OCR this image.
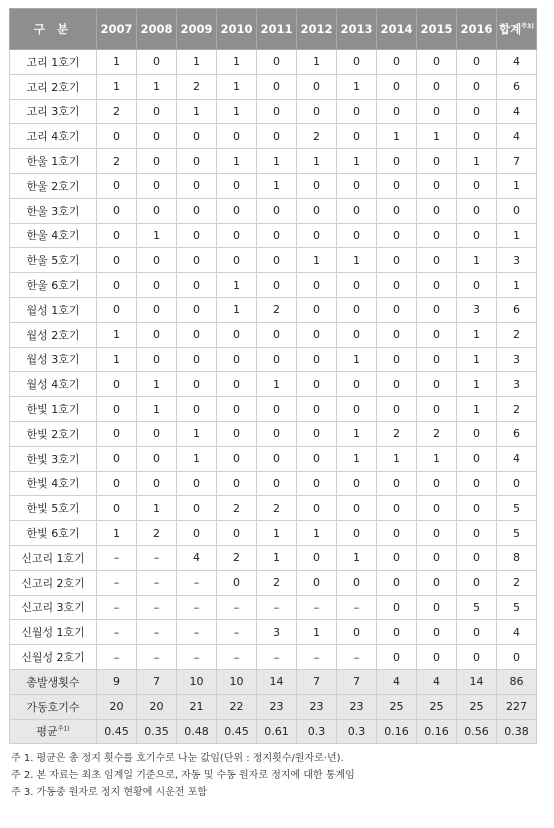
구 분	2007	2008	2009	2010	2011	2012	2013	2014	2015	2016	합계$^{주3)}$
고리 1호기	1	0	1	1	0	1	0	0	0	0	4
고리 2호기	1	1	2	1	0	0	1	0	0	0	6
고리 3호기	2	0	1	1	0	0	0	0	0	0	4
고리 4호기	0	0	0	0	0	2	0	1	1	0	4
한울 1호기	2	0	0	1	1	1	1	0	0	1	7
한울 2호기	0	0	0	0	1	0	0	0	0	0	1
한울 3호기	0	0	0	0	0	0	0	0	0	0	0
한울 4호기	0	1	0	0	0	0	0	0	0	0	1
한울 5호기	0	0	0	0	0	1	1	0	0	1	3
한울 6호기	0	0	0	1	0	0	0	0	0	0	1
월성 1호기	0	0	0	1	2	0	0	0	0	3	6
월성 2호기	1	0	0	0	0	0	0	0	0	1	2
월성 3호기	1	0	0	0	0	0	1	0	0	1	3
월성 4호기	0	1	0	0	1	0	0	0	0	1	3
한빛 1호기	0	1	0	0	0	0	0	0	0	1	2
한빛 2호기	0	0	1	0	0	0	1	2	2	0	6
한빛 3호기	0	0	1	0	0	0	1	1	1	0	4
한빛 4호기	0	0	0	0	0	0	0	0	0	0	0
한빛 5호기	0	1	0	2	2	0	0	0	0	0	5
한빛 6호기	1	2	0	0	1	1	0	0	0	0	5
신고리 1호기	–	–	4	2	1	0	1	0	0	0	8
신고리 2호기	–	–	–	0	2	0	0	0	0	0	2
신고리 3호기	–	–	–	–	–	–	–	0	0	5	5
신월성 1호기	–	–	–	–	3	1	0	0	0	0	4
신월성 2호기	–	–	–	–	–	–	–	0	0	0	0
총발생횟수	9	7	10	10	14	7	7	4	4	14	86
가동호기수	20	20	21	22	23	23	23	25	25	25	227
평균$^{주1)}$	0.45	0.35	0.48	0.45	0.61	0.3	0.3	0.16	0.16	0.56	0.38
주 1. 평균은 총 정지 횟수를 호기수로 나눈 값임(단위 : 정지횟수/원자로·년).
주 2. 본 자료는 최초 임계일 기준으로, 자동 및 수동 원자로 정지에 대한 통계임
주 3. 가동중 원자로 정지 현황에 시운전 포함
